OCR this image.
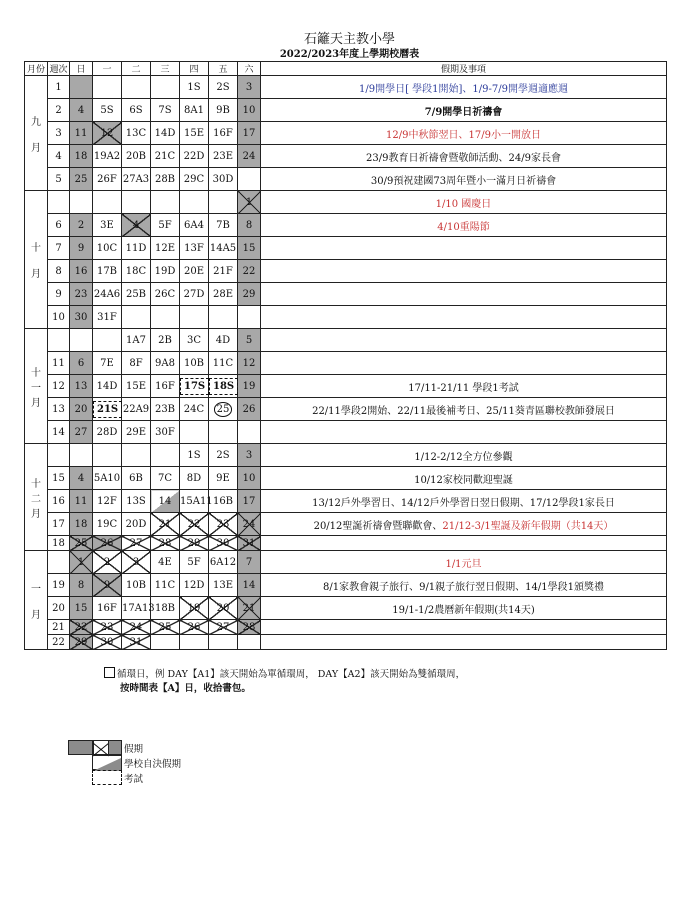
石籬天主教小學
2022/2023年度上學期校曆表
月份	週次	日	一	二	三	四	五	六	假期及事項
九

月	1					1S	2S	3	1/9開學日[ 學段1開始]、1/9-7/9開學週適應週
	2	4	5S	6S	7S	8A1	9B	10	7/9開學日祈禱會
	3	11	12	13C	14D	15E	16F	17	12/9中秋節翌日、17/9小一開放日
	4	18	19A2	20B	21C	22D	23E	24	23/9教育日祈禱會暨敬師活動、24/9家長會
	5	25	26F	27A3	28B	29C	30D		30/9預祝建國73周年暨小一滿月日祈禱會
十

月								1	1/10 國慶日
	6	2	3E	4	5F	6A4	7B	8	4/10重陽節
	7	9	10C	11D	12E	13F	14A5	15	
	8	16	17B	18C	19D	20E	21F	22	
	9	23	24A6	25B	26C	27D	28E	29	
	10	30	31F						
十
一
月				1A7	2B	3C	4D	5	
	11	6	7E	8F	9A8	10B	11C	12	
	12	13	14D	15E	16F	17S	18S	19	17/11-21/11 學段1考試
	13	20	21S	22A9	23B	24C	25	26	22/11學段2開始、22/11最後補考日、25/11葵青區聯校教師發展日
	14	27	28D	29E	30F				
十
二
月						1S	2S	3	1/12-2/12全方位參觀
	15	4	5A10	6B	7C	8D	9E	10	10/12家校同歡迎聖誕
	16	11	12F	13S	14	15A11	16B	17	13/12戶外學習日、14/12戶外學習日翌日假期、17/12學段1家長日
	17	18	19C	20D	21	22	23	24	20/12聖誕祈禱會暨聯歡會、21/12-3/1聖誕及新年假期（共14天）
	18	25	26	27	28	29	30	31	
一

月		1	2	3	4E	5F	6A12	7	1/1元旦
	19	8	9	10B	11C	12D	13E	14	8/1家教會親子旅行、9/1親子旅行翌日假期、14/1學段1頒獎禮
	20	15	16F	17A13	18B	19	20	21	19/1-1/2農曆新年假期(共14天)
	21	22	23	24	25	26	27	28	
	22	29	30	31					
循環日，例 DAY【A1】該天開始為單循環周， DAY【A2】該天開始為雙循環周，
按時間表【A】日，收拾書包。
假期
學校自決假期
考試
